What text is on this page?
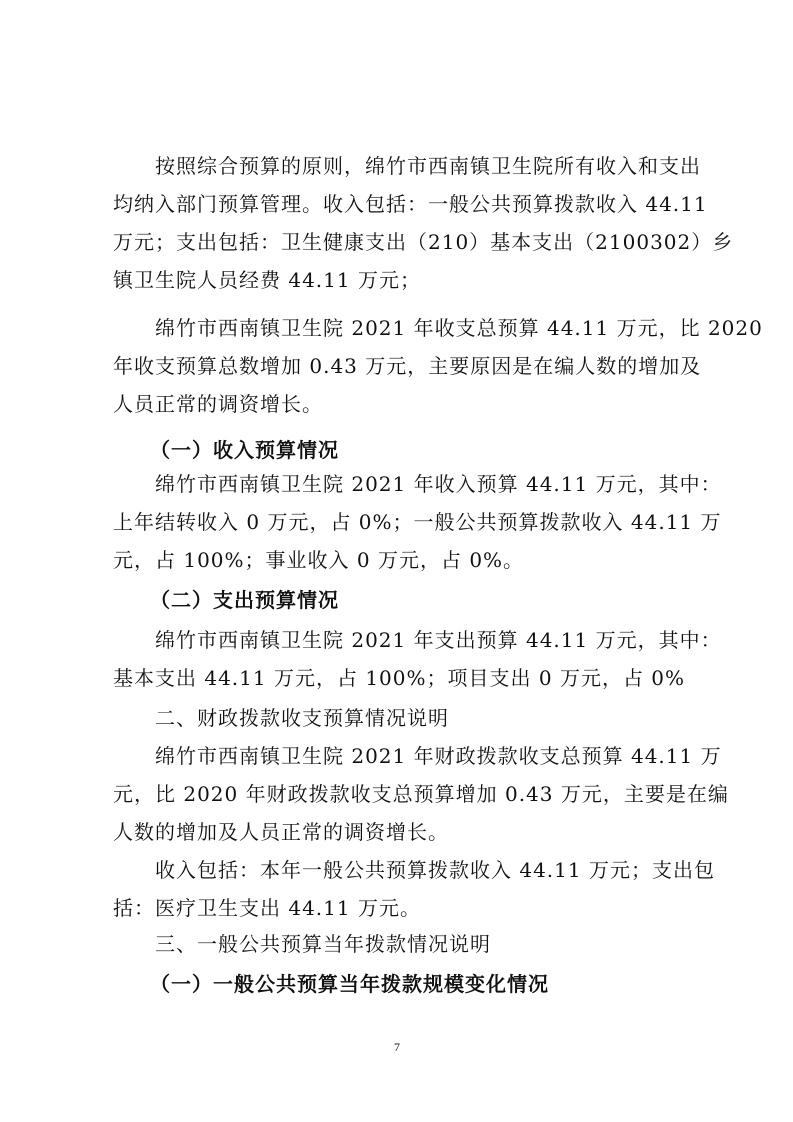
按照综合预算的原则，绵竹市西南镇卫生院所有收入和支出
均纳入部门预算管理。收入包括：一般公共预算拨款收入 44.11
万元；支出包括：卫生健康支出（210）基本支出（2100302）乡
镇卫生院人员经费 44.11 万元；
绵竹市西南镇卫生院 2021 年收支总预算 44.11 万元，比 2020
年收支预算总数增加 0.43 万元，主要原因是在编人数的增加及
人员正常的调资增长。
（一）收入预算情况
绵竹市西南镇卫生院 2021 年收入预算 44.11 万元，其中：
上年结转收入 0 万元，占 0%；一般公共预算拨款收入 44.11 万
元，占 100%；事业收入 0 万元，占 0%。
（二）支出预算情况
绵竹市西南镇卫生院 2021 年支出预算 44.11 万元，其中：
基本支出 44.11 万元，占 100%；项目支出 0 万元，占 0%
二、财政拨款收支预算情况说明
绵竹市西南镇卫生院 2021 年财政拨款收支总预算 44.11 万
元，比 2020 年财政拨款收支总预算增加 0.43 万元，主要是在编
人数的增加及人员正常的调资增长。
收入包括：本年一般公共预算拨款收入 44.11 万元；支出包
括：医疗卫生支出 44.11 万元。
三、一般公共预算当年拨款情况说明
（一）一般公共预算当年拨款规模变化情况
7
